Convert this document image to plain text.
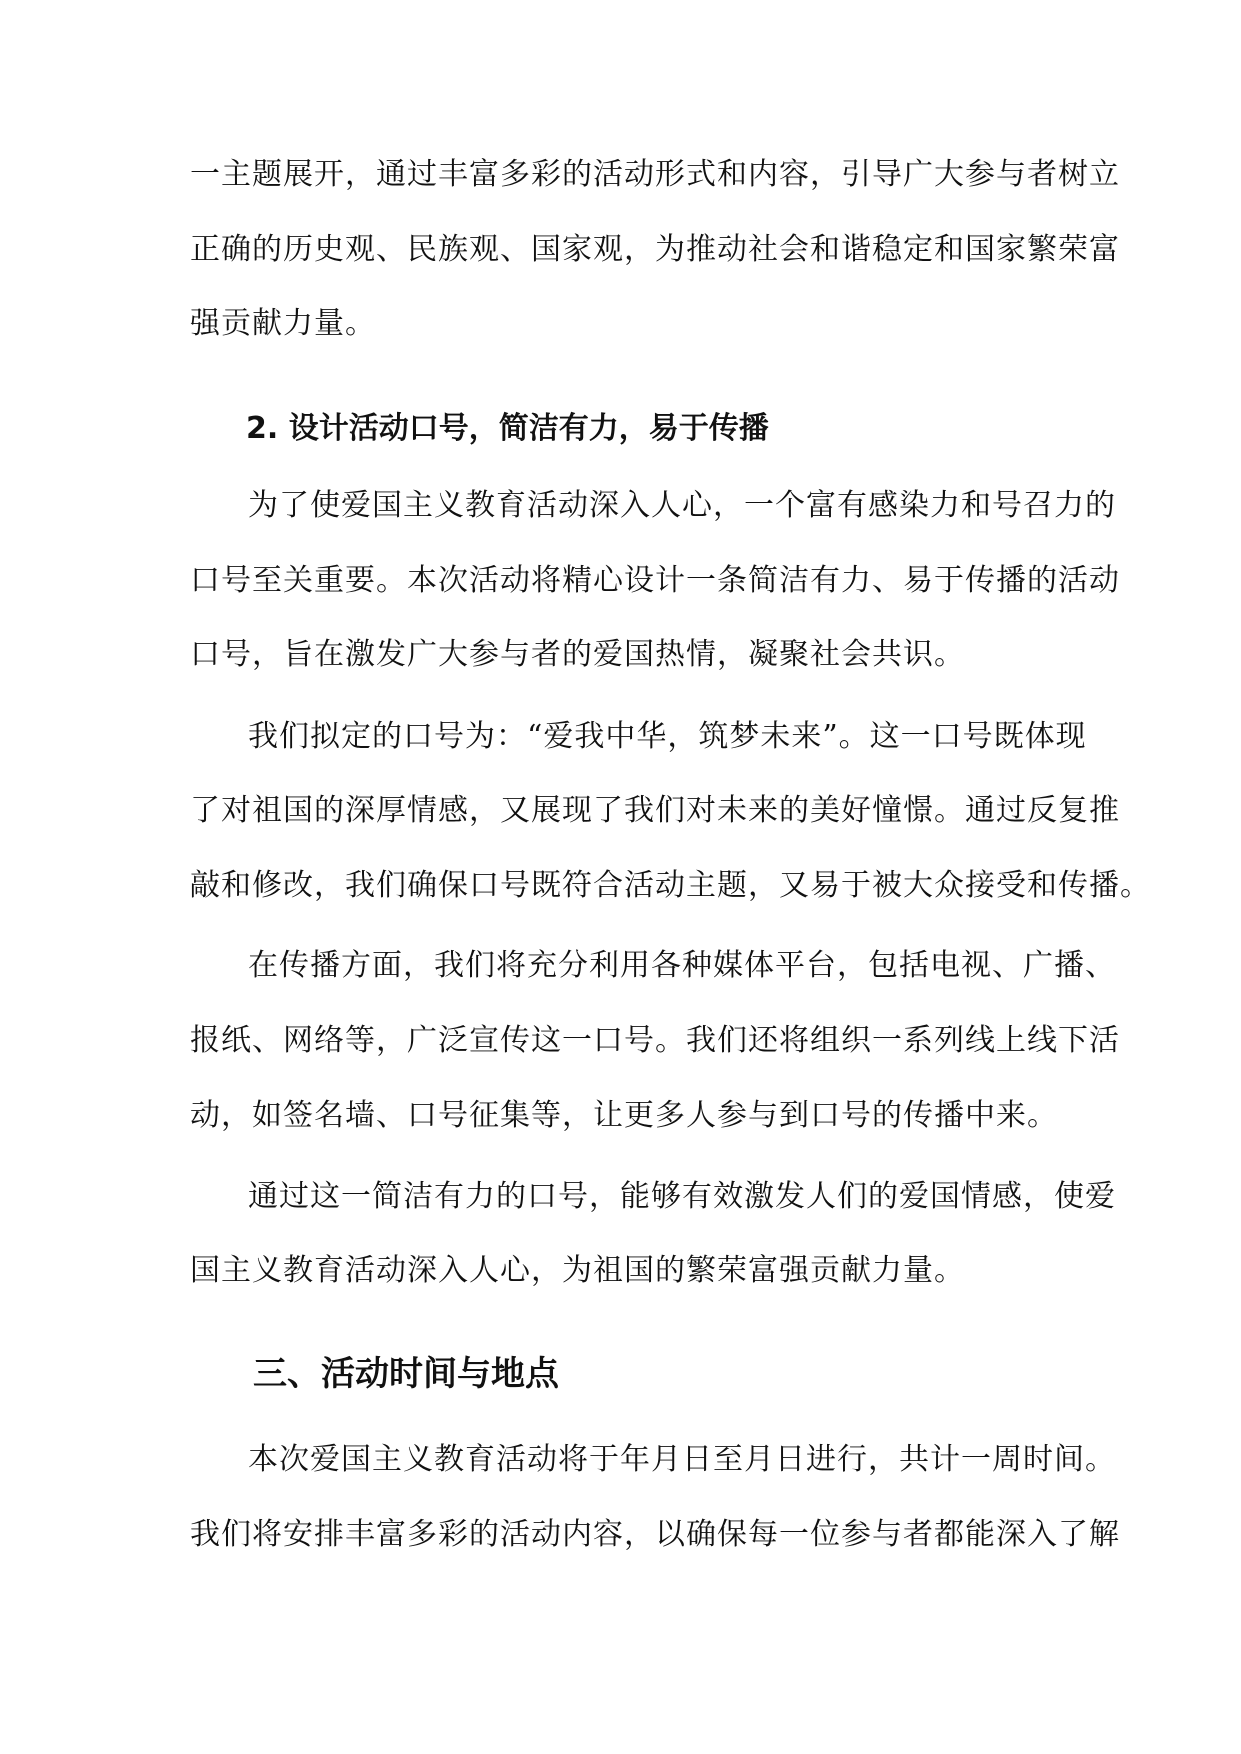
一主题展开，通过丰富多彩的活动形式和内容，引导广大参与者树立
正确的历史观、民族观、国家观，为推动社会和谐稳定和国家繁荣富
强贡献力量。
2. 设计活动口号，简洁有力，易于传播
为了使爱国主义教育活动深入人心，一个富有感染力和号召力的
口号至关重要。本次活动将精心设计一条简洁有力、易于传播的活动
口号，旨在激发广大参与者的爱国热情，凝聚社会共识。
我们拟定的口号为：“爱我中华，筑梦未来”。这一口号既体现
了对祖国的深厚情感，又展现了我们对未来的美好憧憬。通过反复推
敲和修改，我们确保口号既符合活动主题，又易于被大众接受和传播。
在传播方面，我们将充分利用各种媒体平台，包括电视、广播、
报纸、网络等，广泛宣传这一口号。我们还将组织一系列线上线下活
动，如签名墙、口号征集等，让更多人参与到口号的传播中来。
通过这一简洁有力的口号，能够有效激发人们的爱国情感，使爱
国主义教育活动深入人心，为祖国的繁荣富强贡献力量。
三、活动时间与地点
本次爱国主义教育活动将于年月日至月日进行，共计一周时间。
我们将安排丰富多彩的活动内容，以确保每一位参与者都能深入了解
